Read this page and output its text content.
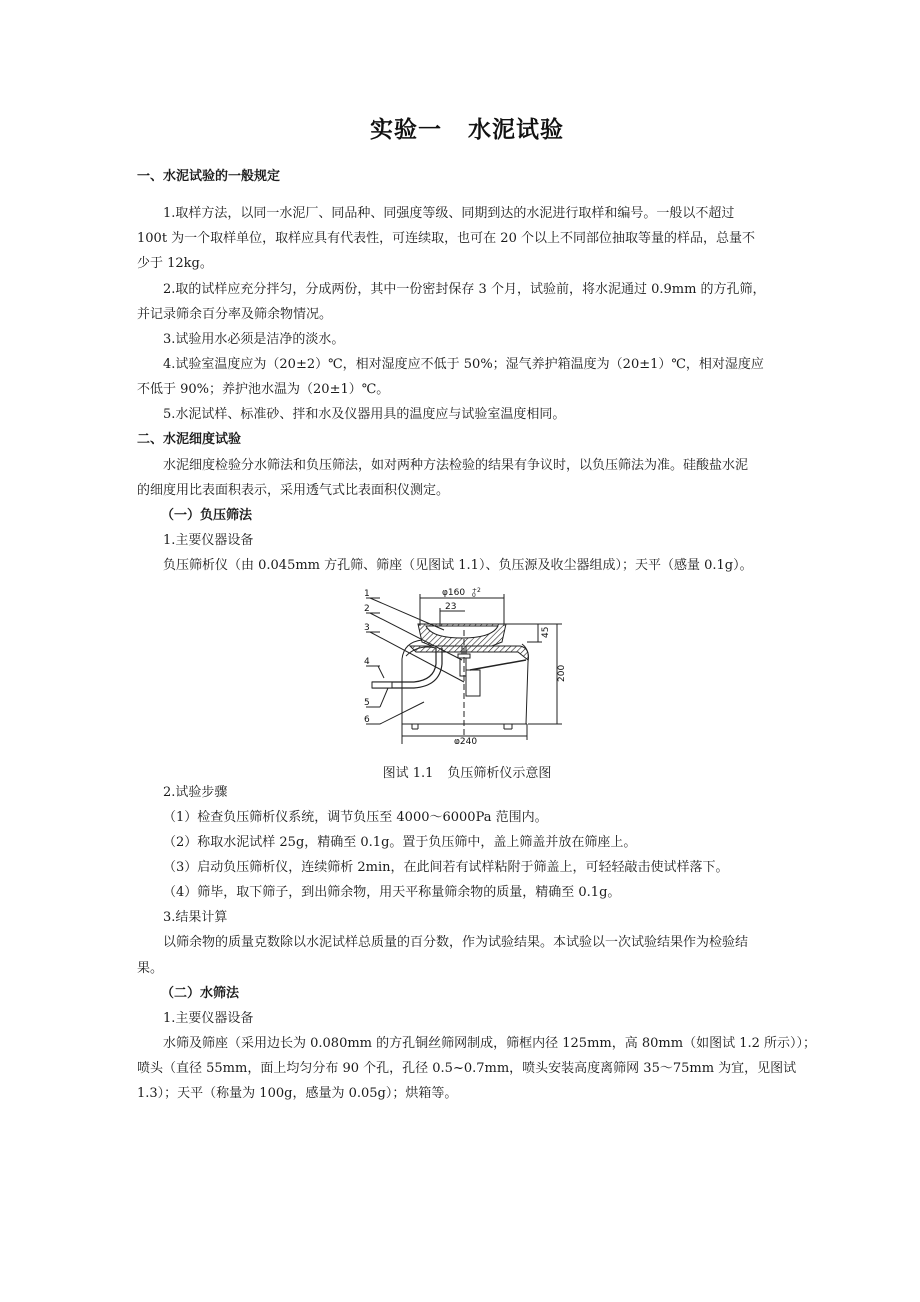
实验一 水泥试验
一、水泥试验的一般规定
1.取样方法，以同一水泥厂、同品种、同强度等级、同期到达的水泥进行取样和编号。一般以不超过
100t 为一个取样单位，取样应具有代表性，可连续取，也可在 20 个以上不同部位抽取等量的样品，总量不
少于 12kg。
2.取的试样应充分拌匀，分成两份，其中一份密封保存 3 个月，试验前，将水泥通过 0.9mm 的方孔筛，
并记录筛余百分率及筛余物情况。
3.试验用水必须是洁净的淡水。
4.试验室温度应为（20±2）℃，相对湿度应不低于 50%；湿气养护箱温度为（20±1）℃，相对湿度应
不低于 90%；养护池水温为（20±1）℃。
5.水泥试样、标准砂、拌和水及仪器用具的温度应与试验室温度相同。
二、水泥细度试验
水泥细度检验分水筛法和负压筛法，如对两种方法检验的结果有争议时，以负压筛法为准。硅酸盐水泥
的细度用比表面积表示，采用透气式比表面积仪测定。
（一）负压筛法
1.主要仪器设备
负压筛析仪（由 0.045mm 方孔筛、筛座（见图试 1.1）、负压源及收尘器组成）；天平（感量 0.1g）。
图试 1.1 负压筛析仪示意图
2.试验步骤
（1）检查负压筛析仪系统，调节负压至 4000～6000Pa 范围内。
（2）称取水泥试样 25g，精确至 0.1g。置于负压筛中，盖上筛盖并放在筛座上。
（3）启动负压筛析仪，连续筛析 2min，在此间若有试样粘附于筛盖上，可轻轻敲击使试样落下。
（4）筛毕，取下筛子，到出筛余物，用天平称量筛余物的质量，精确至 0.1g。
3.结果计算
以筛余物的质量克数除以水泥试样总质量的百分数，作为试验结果。本试验以一次试验结果作为检验结
果。
（二）水筛法
1.主要仪器设备
水筛及筛座（采用边长为 0.080mm 的方孔铜丝筛网制成，筛框内径 125mm，高 80mm（如图试 1.2 所示））；
喷头（直径 55mm，面上均匀分布 90 个孔，孔径 0.5~0.7mm，喷头安装高度离筛网 35～75mm 为宜，见图试
1.3）；天平（称量为 100g，感量为 0.05g）；烘箱等。
φ160 +2
0
23
45
200
φ240
1
2
3
4
5
6
